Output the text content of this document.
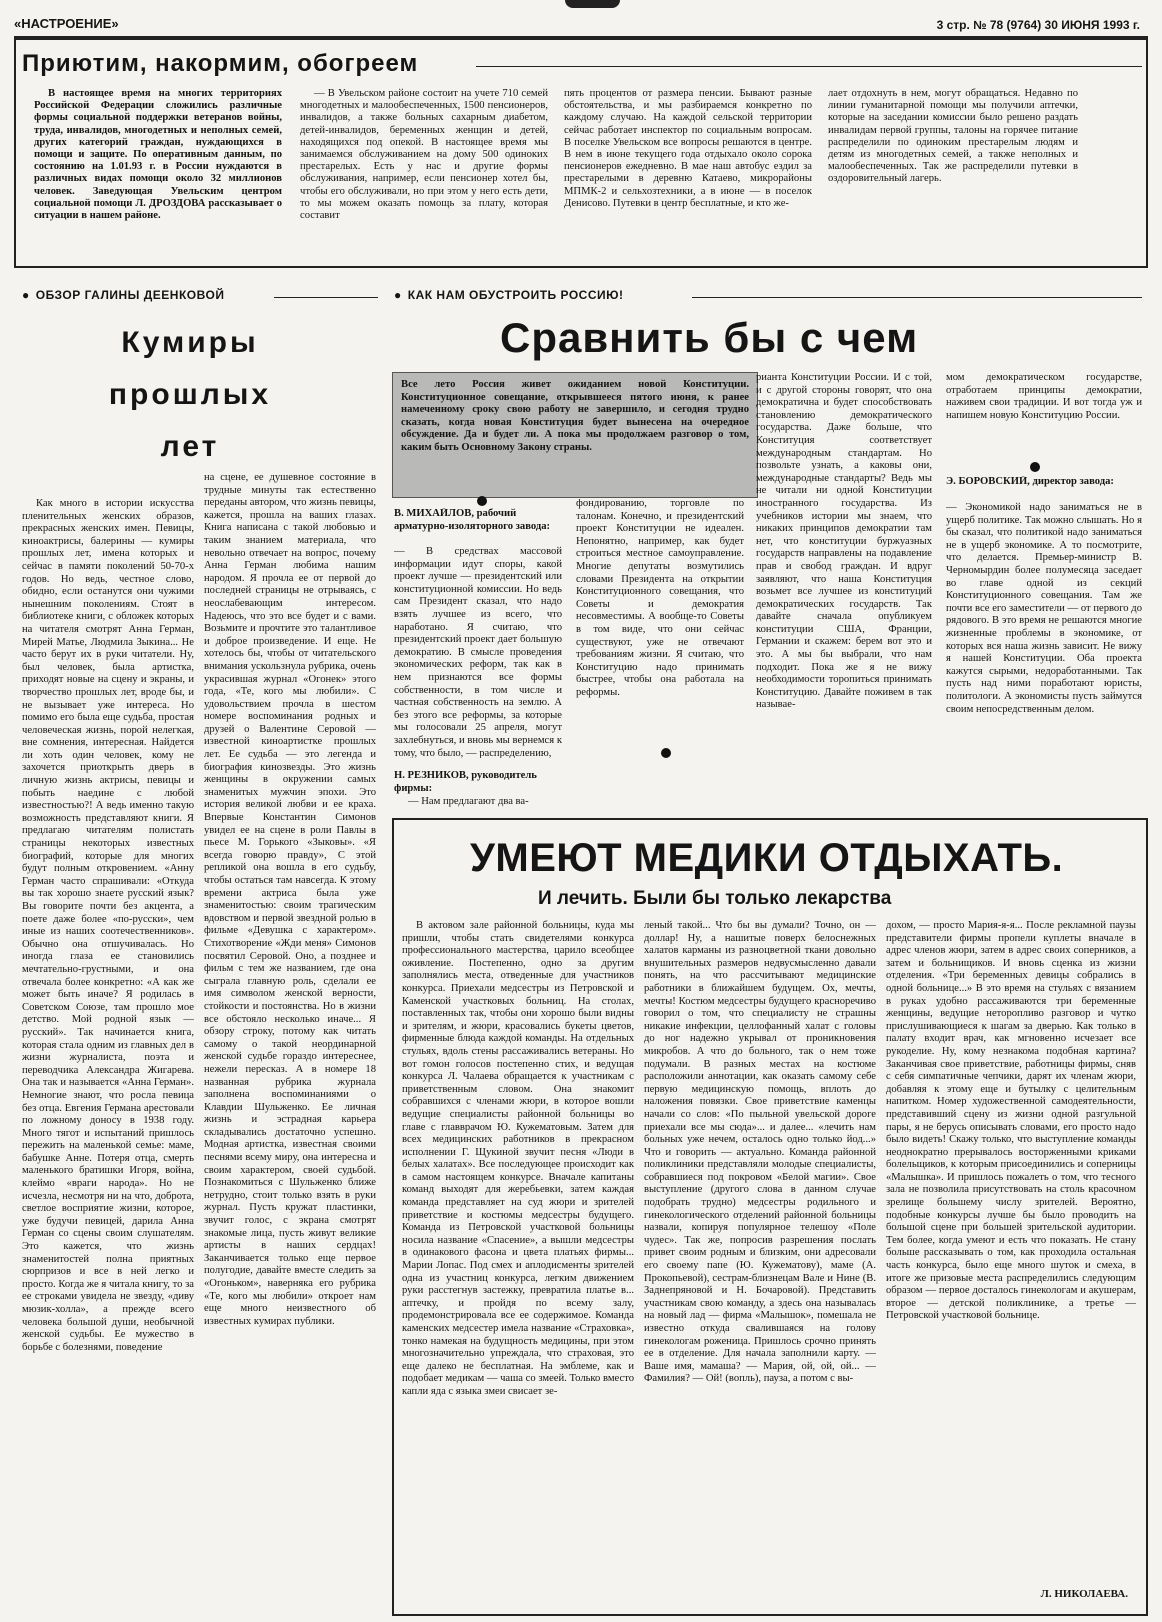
«НАСТРОЕНИЕ»	3 стр. № 78 (9764) 30 ИЮНЯ 1993 г.
Приютим, накормим, обогреем

В настоящее время на многих территориях Российской Федерации сложились различные формы социальной поддержки ветеранов войны, труда, инвалидов, многодетных и неполных семей, других категорий граждан, нуждающихся в помощи и защите. По оперативным данным, по состоянию на 1.01.93 г. в России нуждаются в различных видах помощи около 32 миллионов человек. Заведующая Увельским центром социальной помощи Л. ДРОЗДОВА рассказывает о ситуации в нашем районе.

— В Увельском районе состоит на учете 710 семей многодетных и малообеспеченных, 1500 пенсионеров, инвалидов, а также больных сахарным диабетом, детей-инвалидов, беременных женщин и детей, находящихся под опекой. В настоящее время мы занимаемся обслуживанием на дому 500 одиноких престарелых. Есть у нас и другие формы обслуживания, например, если пенсионер хотел бы, чтобы его обслуживали, но при этом у него есть дети, то мы можем оказать помощь за плату, которая составит

пять процентов от размера пенсии. Бывают разные обстоятельства, и мы разбираемся конкретно по каждому случаю. На каждой сельской территории сейчас работает инспектор по социальным вопросам. В поселке Увельском все вопросы решаются в центре. В нем в июне текущего года отдыхало около сорока пенсионеров ежедневно. В мае наш автобус ездил за престарелыми в деревню Катаево, микрорайоны МПМК-2 и сельхозтехники, а в июне — в поселок Денисово. Путевки в центр бесплатные, и кто же-

лает отдохнуть в нем, могут обращаться. Недавно по линии гуманитарной помощи мы получили аптечки, которые на заседании комиссии было решено раздать инвалидам первой группы, талоны на горячее питание распределили по одиноким престарелым людям и детям из многодетных семей, а также неполных и малообеспеченных. Так же распределили путевки в оздоровительный лагерь.

● ОБЗОР ГАЛИНЫ ДЕЕНКОВОЙ
Кумиры
прошлых
лет

Как много в истории искусства пленительных женских образов, прекрасных женских имен. Певицы, киноактрисы, балерины — кумиры прошлых лет, имена которых и сейчас в памяти поколений 50-70-х годов. Но ведь, честное слово, обидно, если останутся они чужими нынешним поколениям. Стоят в библиотеке книги, с обложек которых на читателя смотрят Анна Герман, Мирей Матье, Людмила Зыкина... Не часто берут их в руки читатели. Ну, был человек, была артистка, приходят новые на сцену и экраны, и творчество прошлых лет, вроде бы, и не вызывает уже интереса. Но помимо его была еще судьба, простая человеческая жизнь, порой нелегкая, вне сомнения, интересная. Найдется ли хоть один человек, кому не захочется приоткрыть дверь в личную жизнь актрисы, певицы и побыть наедине с любой известностью?! А ведь именно такую возможность представляют книги. Я предлагаю читателям полистать страницы некоторых известных биографий, которые для многих будут полным откровением. «Анну Герман часто спрашивали: «Откуда вы так хорошо знаете русский язык? Вы говорите почти без акцента, а поете даже более «по-русски», чем иные из наших соотечественников». Обычно она отшучивалась. Но иногда глаза ее становились мечтательно-грустными, и она отвечала более конкретно: «А как же может быть иначе? Я родилась в Советском Союзе, там прошло мое детство. Мой родной язык — русский». Так начинается книга, которая стала одним из главных дел в жизни журналиста, поэта и переводчика Александра Жигарева. Она так и называется «Анна Герман». Немногие знают, что росла певица без отца. Евгения Германа арестовали по ложному доносу в 1938 году. Много тягот и испытаний пришлось пережить на маленькой семье: маме, бабушке Анне. Потеря отца, смерть маленького братишки Игоря, война, клеймо «враги народа». Но не исчезла, несмотря ни на что, доброта, светлое восприятие жизни, которое, уже будучи певицей, дарила Анна Герман со сцены своим слушателям. Это кажется, что жизнь знаменитостей полна приятных сюрпризов и все в ней легко и просто. Когда же я читала книгу, то за ее строками увидела не звезду, «диву мюзик-холла», а прежде всего человека большой души, необычной женской судьбы. Ее мужество в борьбе с болезнями, поведение

на сцене, ее душевное состояние в трудные минуты так естественно переданы автором, что жизнь певицы, кажется, прошла на ваших глазах. Книга написана с такой любовью и таким знанием материала, что невольно отвечает на вопрос, почему Анна Герман любима нашим народом. Я прочла ее от первой до последней страницы не отрываясь, с неослабевающим интересом. Надеюсь, что это все будет и с вами. Возьмите и прочтите это талантливое и доброе произведение. И еще. Не хотелось бы, чтобы от читательского внимания ускользнула рубрика, очень украсившая журнал «Огонек» этого года, «Те, кого мы любили». С удовольствием прочла в шестом номере воспоминания родных и друзей о Валентине Серовой — известной киноартистке прошлых лет. Ее судьба — это легенда и биография кинозвезды. Это жизнь женщины в окружении самых знаменитых мужчин эпохи. Это история великой любви и ее краха. Впервые Константин Симонов увидел ее на сцене в роли Павлы в пьесе М. Горького «Зыковы». «Я всегда говорю правду», С этой репликой она вошла в его судьбу, чтобы остаться там навсегда. К этому времени актриса была уже знаменитостью: своим трагическим вдовством и первой звездной ролью в фильме «Девушка с характером». Стихотворение «Жди меня» Симонов посвятил Серовой. Оно, а позднее и фильм с тем же названием, где она сыграла главную роль, сделали ее имя символом женской верности, стойкости и постоянства. Но в жизни все обстояло несколько иначе... Я обзору строку, потому как читать самому о такой неординарной женской судьбе гораздо интереснее, нежели пересказ. А в номере 18 названная рубрика журнала заполнена воспоминаниями о Клавдии Шульженко. Ее личная жизнь и эстрадная карьера складывались достаточно успешно. Модная артистка, известная своими песнями всему миру, она интересна и своим характером, своей судьбой. Познакомиться с Шульженко ближе нетрудно, стоит только взять в руки журнал. Пусть кружат пластинки, звучит голос, с экрана смотрят знакомые лица, пусть живут великие артисты в наших сердцах! Заканчивается только еще первое полугодие, давайте вместе следить за «Огоньком», наверняка его рубрика «Те, кого мы любили» откроет нам еще много неизвестного об известных кумирах публики.

● КАК НАМ ОБУСТРОИТЬ РОССИЮ!
Сравнить бы с чем
Все лето Россия живет ожиданием новой Конституции. Конституционное совещание, открывшееся пятого июня, к ранее намеченному сроку свою работу не завершило, и сегодня трудно сказать, когда новая Конституция будет вынесена на очередное обсуждение. Да и будет ли. А пока мы продолжаем разговор о том, каким быть Основному Закону страны.
В. МИХАЙЛОВ, рабочий арматурно-изоляторного завода:

— В средствах массовой информации идут споры, какой проект лучше — президентский или конституционной комиссии. Но ведь сам Президент сказал, что надо взять лучшее из всего, что наработано. Я считаю, что президентский проект дает большую демократию. В смысле проведения экономических реформ, так как в нем признаются все формы собственности, в том числе и частная собственность на землю. А без этого все реформы, за которые мы голосовали 25 апреля, могут захлебнуться, и вновь мы вернемся к тому, что было, — распределению,

Н. РЕЗНИКОВ, руководитель фирмы:

— Нам предлагают два ва-

фондированию, торговле по талонам. Конечно, и президентский проект Конституции не идеален. Непонятно, например, как будет строиться местное самоуправление. Многие депутаты возмутились словами Президента на открытии Конституционного совещания, что Советы и демократия несовместимы. А вообще-то Советы в том виде, что они сейчас существуют, уже не отвечают требованиям жизни. Я считаю, что Конституцию надо принимать быстрее, чтобы она работала на реформы.

рианта Конституции России. И с той, и с другой стороны говорят, что она демократична и будет способствовать становлению демократического государства. Даже больше, что Конституция соответствует международным стандартам. Но позвольте узнать, а каковы они, международные стандарты? Ведь мы не читали ни одной Конституции иностранного государства. Из учебников истории мы знаем, что никаких принципов демократии там нет, что конституции буржуазных государств направлены на подавление прав и свобод граждан. И вдруг заявляют, что наша Конституция возьмет все лучшее из конституций демократических государств. Так давайте сначала опубликуем конституции США, Франции, Германии и скажем: берем вот это и это. А мы бы выбрали, что нам подходит. Пока же я не вижу необходимости торопиться принимать Конституцию. Давайте поживем в так называе-

мом демократическом государстве, отработаем принципы демократии, наживем свои традиции. И вот тогда уж и напишем новую Конституцию России.

Э. БОРОВСКИЙ, директор завода:

— Экономикой надо заниматься не в ущерб политике. Так можно слышать. Но я бы сказал, что политикой надо заниматься не в ущерб экономике. А то посмотрите, что делается. Премьер-министр В. Черномырдин более полумесяца заседает во главе одной из секций Конституционного совещания. Там же почти все его заместители — от первого до рядового. В это время не решаются многие жизненные проблемы в экономике, от которых вся наша жизнь зависит. Не вижу я нашей Конституции. Оба проекта кажутся сырыми, недоработанными. Так пусть над ними поработают юристы, политологи. А экономисты пусть займутся своим непосредственным делом.

УМЕЮТ МЕДИКИ ОТДЫХАТЬ.
И лечить. Были бы только лекарства

В актовом зале районной больницы, куда мы пришли, чтобы стать свидетелями конкурса профессионального мастерства, царило всеобщее оживление. Постепенно, одно за другим заполнялись места, отведенные для участников конкурса. Приехали медсестры из Петровской и Каменской участковых больниц. На столах, поставленных так, чтобы они хорошо были видны и зрителям, и жюри, красовались букеты цветов, фирменные блюда каждой команды. На отдельных стульях, вдоль стены рассаживались ветераны. Но вот гомон голосов постепенно стих, и ведущая конкурса Л. Чалаева обращается к участникам с приветственным словом. Она знакомит собравшихся с членами жюри, в которое вошли ведущие специалисты районной больницы во главе с главврачом Ю. Кужематовым. Затем для всех медицинских работников в прекрасном исполнении Г. Щукиной звучит песня «Люди в белых халатах». Все последующее происходит как в самом настоящем конкурсе. Вначале капитаны команд выходят для жеребьевки, затем каждая команда представляет на суд жюри и зрителей приветствие и костюмы медсестры будущего. Команда из Петровской участковой больницы носила название «Спасение», а вышли медсестры в одинакового фасона и цвета платьях фирмы... Марии Лопас. Под смех и аплодисменты зрителей одна из участниц конкурса, легким движением руки расстегнув застежку, превратила платье в... аптечку, и пройдя по всему залу, продемонстрировала все ее содержимое. Команда каменских медсестер имела название «Страховка», тонко намекая на будущность медицины, при этом многозначительно упреждала, что страховая, это еще далеко не бесплатная. На эмблеме, как и подобает медикам — чаша со змеей. Только вместо капли яда с языка змеи свисает зе-

леный такой... Что бы вы думали? Точно, он — доллар! Ну, а нашитые поверх белоснежных халатов карманы из разноцветной ткани довольно внушительных размеров недвусмысленно давали понять, на что рассчитывают медицинские работники в ближайшем будущем. Ох, мечты, мечты! Костюм медсестры будущего красноречиво говорил о том, что специалисту не страшны никакие инфекции, целлофанный халат с головы до ног надежно укрывал от проникновения микробов. А что до больного, так о нем тоже подумали. В разных местах на костюме расположили аннотации, как оказать самому себе первую медицинскую помощь, вплоть до наложения повязки. Свое приветствие каменцы начали со слов: «По пыльной увельской дороге приехали все мы сюда»... и далее... «лечить нам больных уже нечем, осталось одно только йод...» Что и говорить — актуально. Команда районной поликлиники представляли молодые специалисты, собравшиеся под покровом «Белой магии». Свое выступление (другого слова в данном случае подобрать трудно) медсестры родильного и гинекологического отделений районной больницы назвали, копируя популярное телешоу «Поле чудес». Так же, попросив разрешения послать привет своим родным и близким, они адресовали его своему папе (Ю. Кужематову), маме (А. Прокопьевой), сестрам-близнецам Вале и Нине (В. Заднепряновой и Н. Бочаровой). Представить участникам свою команду, а здесь она называлась на новый лад — фирма «Малышок», помешала не известно откуда свалившаяся на голову гинекологам роженица. Пришлось срочно принять ее в отделение. Для начала заполнили карту. — Ваше имя, мамаша? — Мария, ой, ой, ой... — Фамилия? — Ой! (вопль), пауза, а потом с вы-

дохом, — просто Мария-я-я... После рекламной паузы представители фирмы пропели куплеты вначале в адрес членов жюри, затем в адрес своих соперников, а затем и больнищиков. И вновь сценка из жизни отделения. «Три беременных девицы собрались в одной больнице...» В это время на стульях с вязанием в руках удобно рассаживаются три беременные женщины, ведущие неторопливо разговор и чутко прислушивающиеся к шагам за дверью. Как только в палату входит врач, как мгновенно исчезает все рукоделие. Ну, кому незнакома подобная картина? Заканчивая свое приветствие, работницы фирмы, сняв с себя симпатичные чепчики, дарят их членам жюри, добавляя к этому еще и бутылку с целительным напитком. Номер художественной самодеятельности, представивший сцену из жизни одной разгульной пары, я не берусь описывать словами, его просто надо было видеть! Скажу только, что выступление команды неоднократно прерывалось восторженными криками болельщиков, к которым присоединились и соперницы «Малышка». И пришлось пожалеть о том, что тесного зала не позволила присутствовать на столь красочном зрелище большему числу зрителей. Вероятно, подобные конкурсы лучше бы было проводить на большой сцене при большей зрительской аудитории. Тем более, когда умеют и есть что показать. Не стану больше рассказывать о том, как проходила остальная часть конкурса, было еще много шуток и смеха, в итоге же призовые места распределились следующим образом — первое досталось гинекологам и акушерам, второе — детской поликлинике, а третье — Петровской участковой больнице.

Л. НИКОЛАЕВА.
